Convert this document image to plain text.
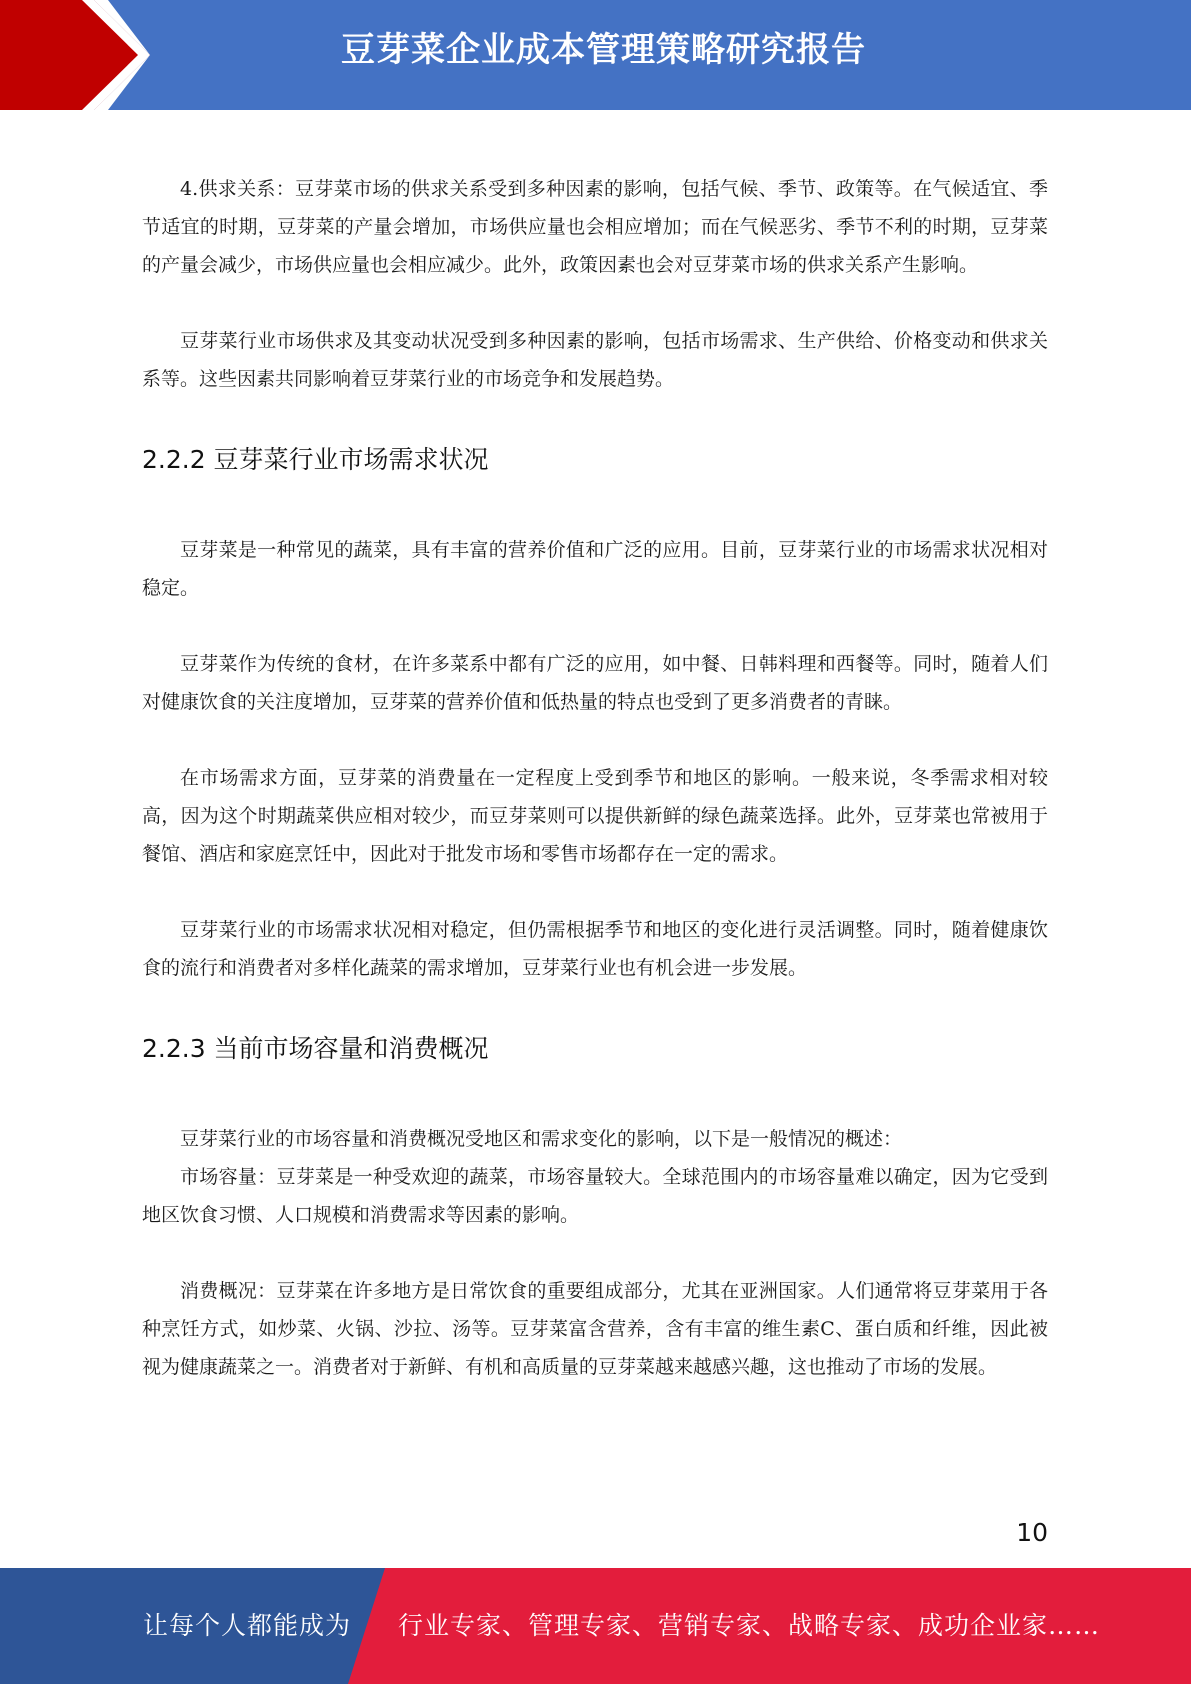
豆芽菜企业成本管理策略研究报告

4.供求关系：豆芽菜市场的供求关系受到多种因素的影响，包括气候、季节、政策等。在气候适宜、季节适宜的时期，豆芽菜的产量会增加，市场供应量也会相应增加；而在气候恶劣、季节不利的时期，豆芽菜的产量会减少，市场供应量也会相应减少。此外，政策因素也会对豆芽菜市场的供求关系产生影响。

豆芽菜行业市场供求及其变动状况受到多种因素的影响，包括市场需求、生产供给、价格变动和供求关系等。这些因素共同影响着豆芽菜行业的市场竞争和发展趋势。

2.2.2 豆芽菜行业市场需求状况

豆芽菜是一种常见的蔬菜，具有丰富的营养价值和广泛的应用。目前，豆芽菜行业的市场需求状况相对稳定。

豆芽菜作为传统的食材，在许多菜系中都有广泛的应用，如中餐、日韩料理和西餐等。同时，随着人们对健康饮食的关注度增加，豆芽菜的营养价值和低热量的特点也受到了更多消费者的青睐。

在市场需求方面，豆芽菜的消费量在一定程度上受到季节和地区的影响。一般来说，冬季需求相对较高，因为这个时期蔬菜供应相对较少，而豆芽菜则可以提供新鲜的绿色蔬菜选择。此外，豆芽菜也常被用于餐馆、酒店和家庭烹饪中，因此对于批发市场和零售市场都存在一定的需求。

豆芽菜行业的市场需求状况相对稳定，但仍需根据季节和地区的变化进行灵活调整。同时，随着健康饮食的流行和消费者对多样化蔬菜的需求增加，豆芽菜行业也有机会进一步发展。

2.2.3 当前市场容量和消费概况

豆芽菜行业的市场容量和消费概况受地区和需求变化的影响，以下是一般情况的概述：

市场容量：豆芽菜是一种受欢迎的蔬菜，市场容量较大。全球范围内的市场容量难以确定，因为它受到地区饮食习惯、人口规模和消费需求等因素的影响。

消费概况：豆芽菜在许多地方是日常饮食的重要组成部分，尤其在亚洲国家。人们通常将豆芽菜用于各种烹饪方式，如炒菜、火锅、沙拉、汤等。豆芽菜富含营养，含有丰富的维生素C、蛋白质和纤维，因此被视为健康蔬菜之一。消费者对于新鲜、有机和高质量的豆芽菜越来越感兴趣，这也推动了市场的发展。

10
让每个人都能成为 行业专家、管理专家、营销专家、战略专家、成功企业家……
